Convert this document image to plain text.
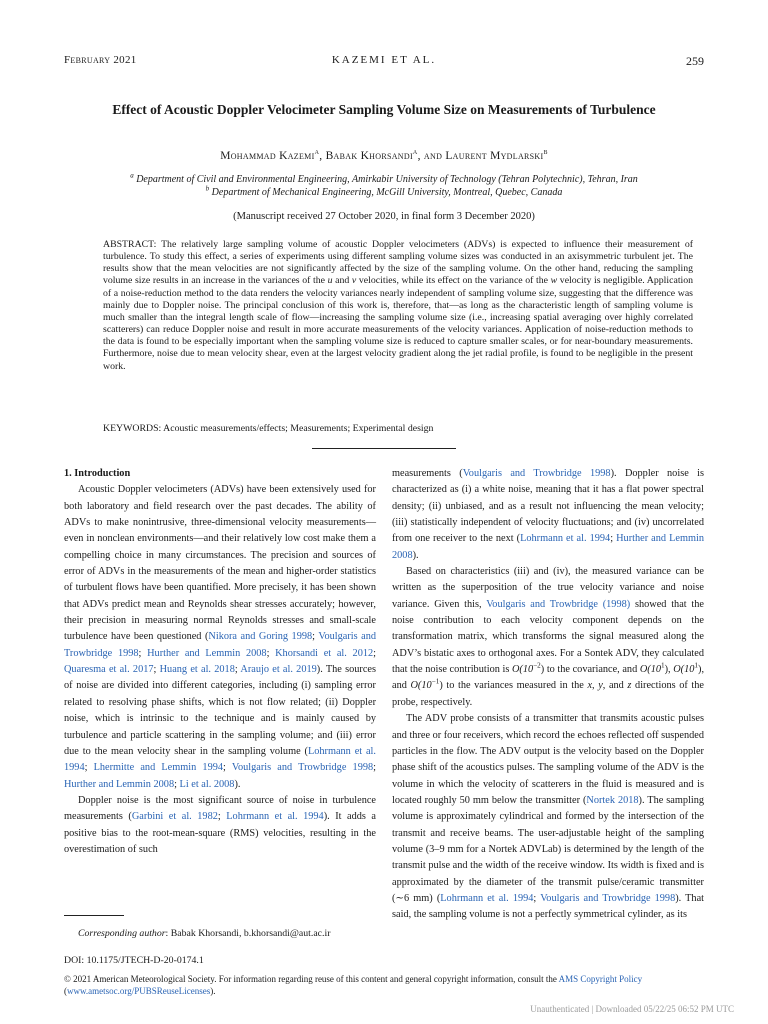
February 2021	KAZEMI ET AL.	259
Effect of Acoustic Doppler Velocimeter Sampling Volume Size on Measurements of Turbulence
Mohammad Kazemi$^a$, Babak Khorsandi$^a$, and Laurent Mydlarski$^b$
$^a$ Department of Civil and Environmental Engineering, Amirkabir University of Technology (Tehran Polytechnic), Tehran, Iran
$^b$ Department of Mechanical Engineering, McGill University, Montreal, Quebec, Canada
(Manuscript received 27 October 2020, in final form 3 December 2020)
ABSTRACT: The relatively large sampling volume of acoustic Doppler velocimeters (ADVs) is expected to influence their measurement of turbulence. To study this effect, a series of experiments using different sampling volume sizes was conducted in an axisymmetric turbulent jet. The results show that the mean velocities are not significantly affected by the size of the sampling volume. On the other hand, reducing the sampling volume size results in an increase in the variances of the u and v velocities, while its effect on the variance of the w velocity is negligible. Application of a noise-reduction method to the data renders the velocity variances nearly independent of sampling volume size, suggesting that the difference was mainly due to Doppler noise. The principal conclusion of this work is, therefore, that—as long as the characteristic length of sampling volume is much smaller than the integral length scale of flow—increasing the sampling volume size (i.e., increasing spatial averaging over highly correlated scatterers) can reduce Doppler noise and result in more accurate measurements of the velocity variances. Application of noise-reduction methods to the data is found to be especially important when the sampling volume size is reduced to capture smaller scales, or for near-boundary measurements. Furthermore, noise due to mean velocity shear, even at the largest velocity gradient along the jet radial profile, is found to be negligible in the present work.
KEYWORDS: Acoustic measurements/effects; Measurements; Experimental design

1. Introduction

Acoustic Doppler velocimeters (ADVs) have been extensively used for both laboratory and field research over the past decades. The ability of ADVs to make nonintrusive, three-dimensional velocity measurements—even in nonclean environments—and their relatively low cost make them a compelling choice in many circumstances. The precision and sources of error of ADVs in the measurements of the mean and higher-order statistics of turbulent flows have been quantified. More precisely, it has been shown that ADVs predict mean and Reynolds shear stresses accurately; however, their precision in measuring normal Reynolds stresses and small-scale turbulence have been questioned (Nikora and Goring 1998; Voulgaris and Trowbridge 1998; Hurther and Lemmin 2008; Khorsandi et al. 2012; Quaresma et al. 2017; Huang et al. 2018; Araujo et al. 2019). The sources of noise are divided into different categories, including (i) sampling error related to resolving phase shifts, which is not flow related; (ii) Doppler noise, which is intrinsic to the technique and is mainly caused by turbulence and particle scattering in the sampling volume; and (iii) error due to the mean velocity shear in the sampling volume (Lohrmann et al. 1994; Lhermitte and Lemmin 1994; Voulgaris and Trowbridge 1998; Hurther and Lemmin 2008; Li et al. 2008).

Doppler noise is the most significant source of noise in turbulence measurements (Garbini et al. 1982; Lohrmann et al. 1994). It adds a positive bias to the root-mean-square (RMS) velocities, resulting in the overestimation of such

measurements (Voulgaris and Trowbridge 1998). Doppler noise is characterized as (i) a white noise, meaning that it has a flat power spectral density; (ii) unbiased, and as a result not influencing the mean velocity; (iii) statistically independent of velocity fluctuations; and (iv) uncorrelated from one receiver to the next (Lohrmann et al. 1994; Hurther and Lemmin 2008).

Based on characteristics (iii) and (iv), the measured variance can be written as the superposition of the true velocity variance and noise variance. Given this, Voulgaris and Trowbridge (1998) showed that the noise contribution to each velocity component depends on the transformation matrix, which transforms the signal measured along the ADV’s bistatic axes to orthogonal axes. For a Sontek ADV, they calculated that the noise contribution is $O(10^{-2})$ to the covariance, and $O(10^1)$, $O(10^1)$, and $O(10^{-1})$ to the variances measured in the x, y, and z directions of the probe, respectively.

The ADV probe consists of a transmitter that transmits acoustic pulses and three or four receivers, which record the echoes reflected off suspended particles in the flow. The ADV output is the velocity based on the Doppler phase shift of the acoustics pulses. The sampling volume of the ADV is the volume in which the velocity of scatterers in the fluid is measured and is located roughly 50 mm below the transmitter (Nortek 2018). The sampling volume is approximately cylindrical and formed by the intersection of the transmit and receive beams. The user-adjustable height of the sampling volume (3–9 mm for a Nortek ADVLab) is determined by the length of the transmit pulse and the width of the receive window. Its width is fixed and is approximated by the diameter of the transmit pulse/ceramic transmitter (∼6 mm) (Lohrmann et al. 1994; Voulgaris and Trowbridge 1998). That said, the sampling volume is not a perfectly symmetrical cylinder, as its

Corresponding author: Babak Khorsandi, b.khorsandi@aut.ac.ir
DOI: 10.1175/JTECH-D-20-0174.1
© 2021 American Meteorological Society. For information regarding reuse of this content and general copyright information, consult the AMS Copyright Policy (www.ametsoc.org/PUBSReuseLicenses).
Unauthenticated | Downloaded 05/22/25 06:52 PM UTC
